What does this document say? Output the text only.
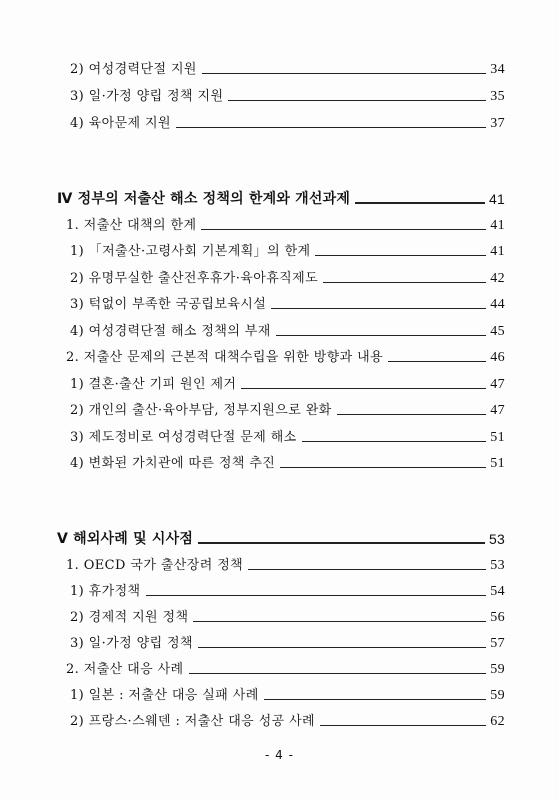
2) 여성경력단절 지원	34
3) 일·가정 양립 정책 지원	35
4) 육아문제 지원	37
Ⅳ 정부의 저출산 해소 정책의 한계와 개선과제	41
1. 저출산 대책의 한계	41
1) 「저출산·고령사회 기본계획」의 한계	41
2) 유명무실한 출산전후휴가·육아휴직제도	42
3) 턱없이 부족한 국공립보육시설	44
4) 여성경력단절 해소 정책의 부재	45
2. 저출산 문제의 근본적 대책수립을 위한 방향과 내용	46
1) 결혼·출산 기피 원인 제거	47
2) 개인의 출산·육아부담, 정부지원으로 완화	47
3) 제도정비로 여성경력단절 문제 해소	51
4) 변화된 가치관에 따른 정책 추진	51
Ⅴ 해외사례 및 시사점	53
1. OECD 국가 출산장려 정책	53
1) 휴가정책	54
2) 경제적 지원 정책	56
3) 일·가정 양립 정책	57
2. 저출산 대응 사례	59
1) 일본 : 저출산 대응 실패 사례	59
2) 프랑스·스웨덴 : 저출산 대응 성공 사례	62
- 4 -
